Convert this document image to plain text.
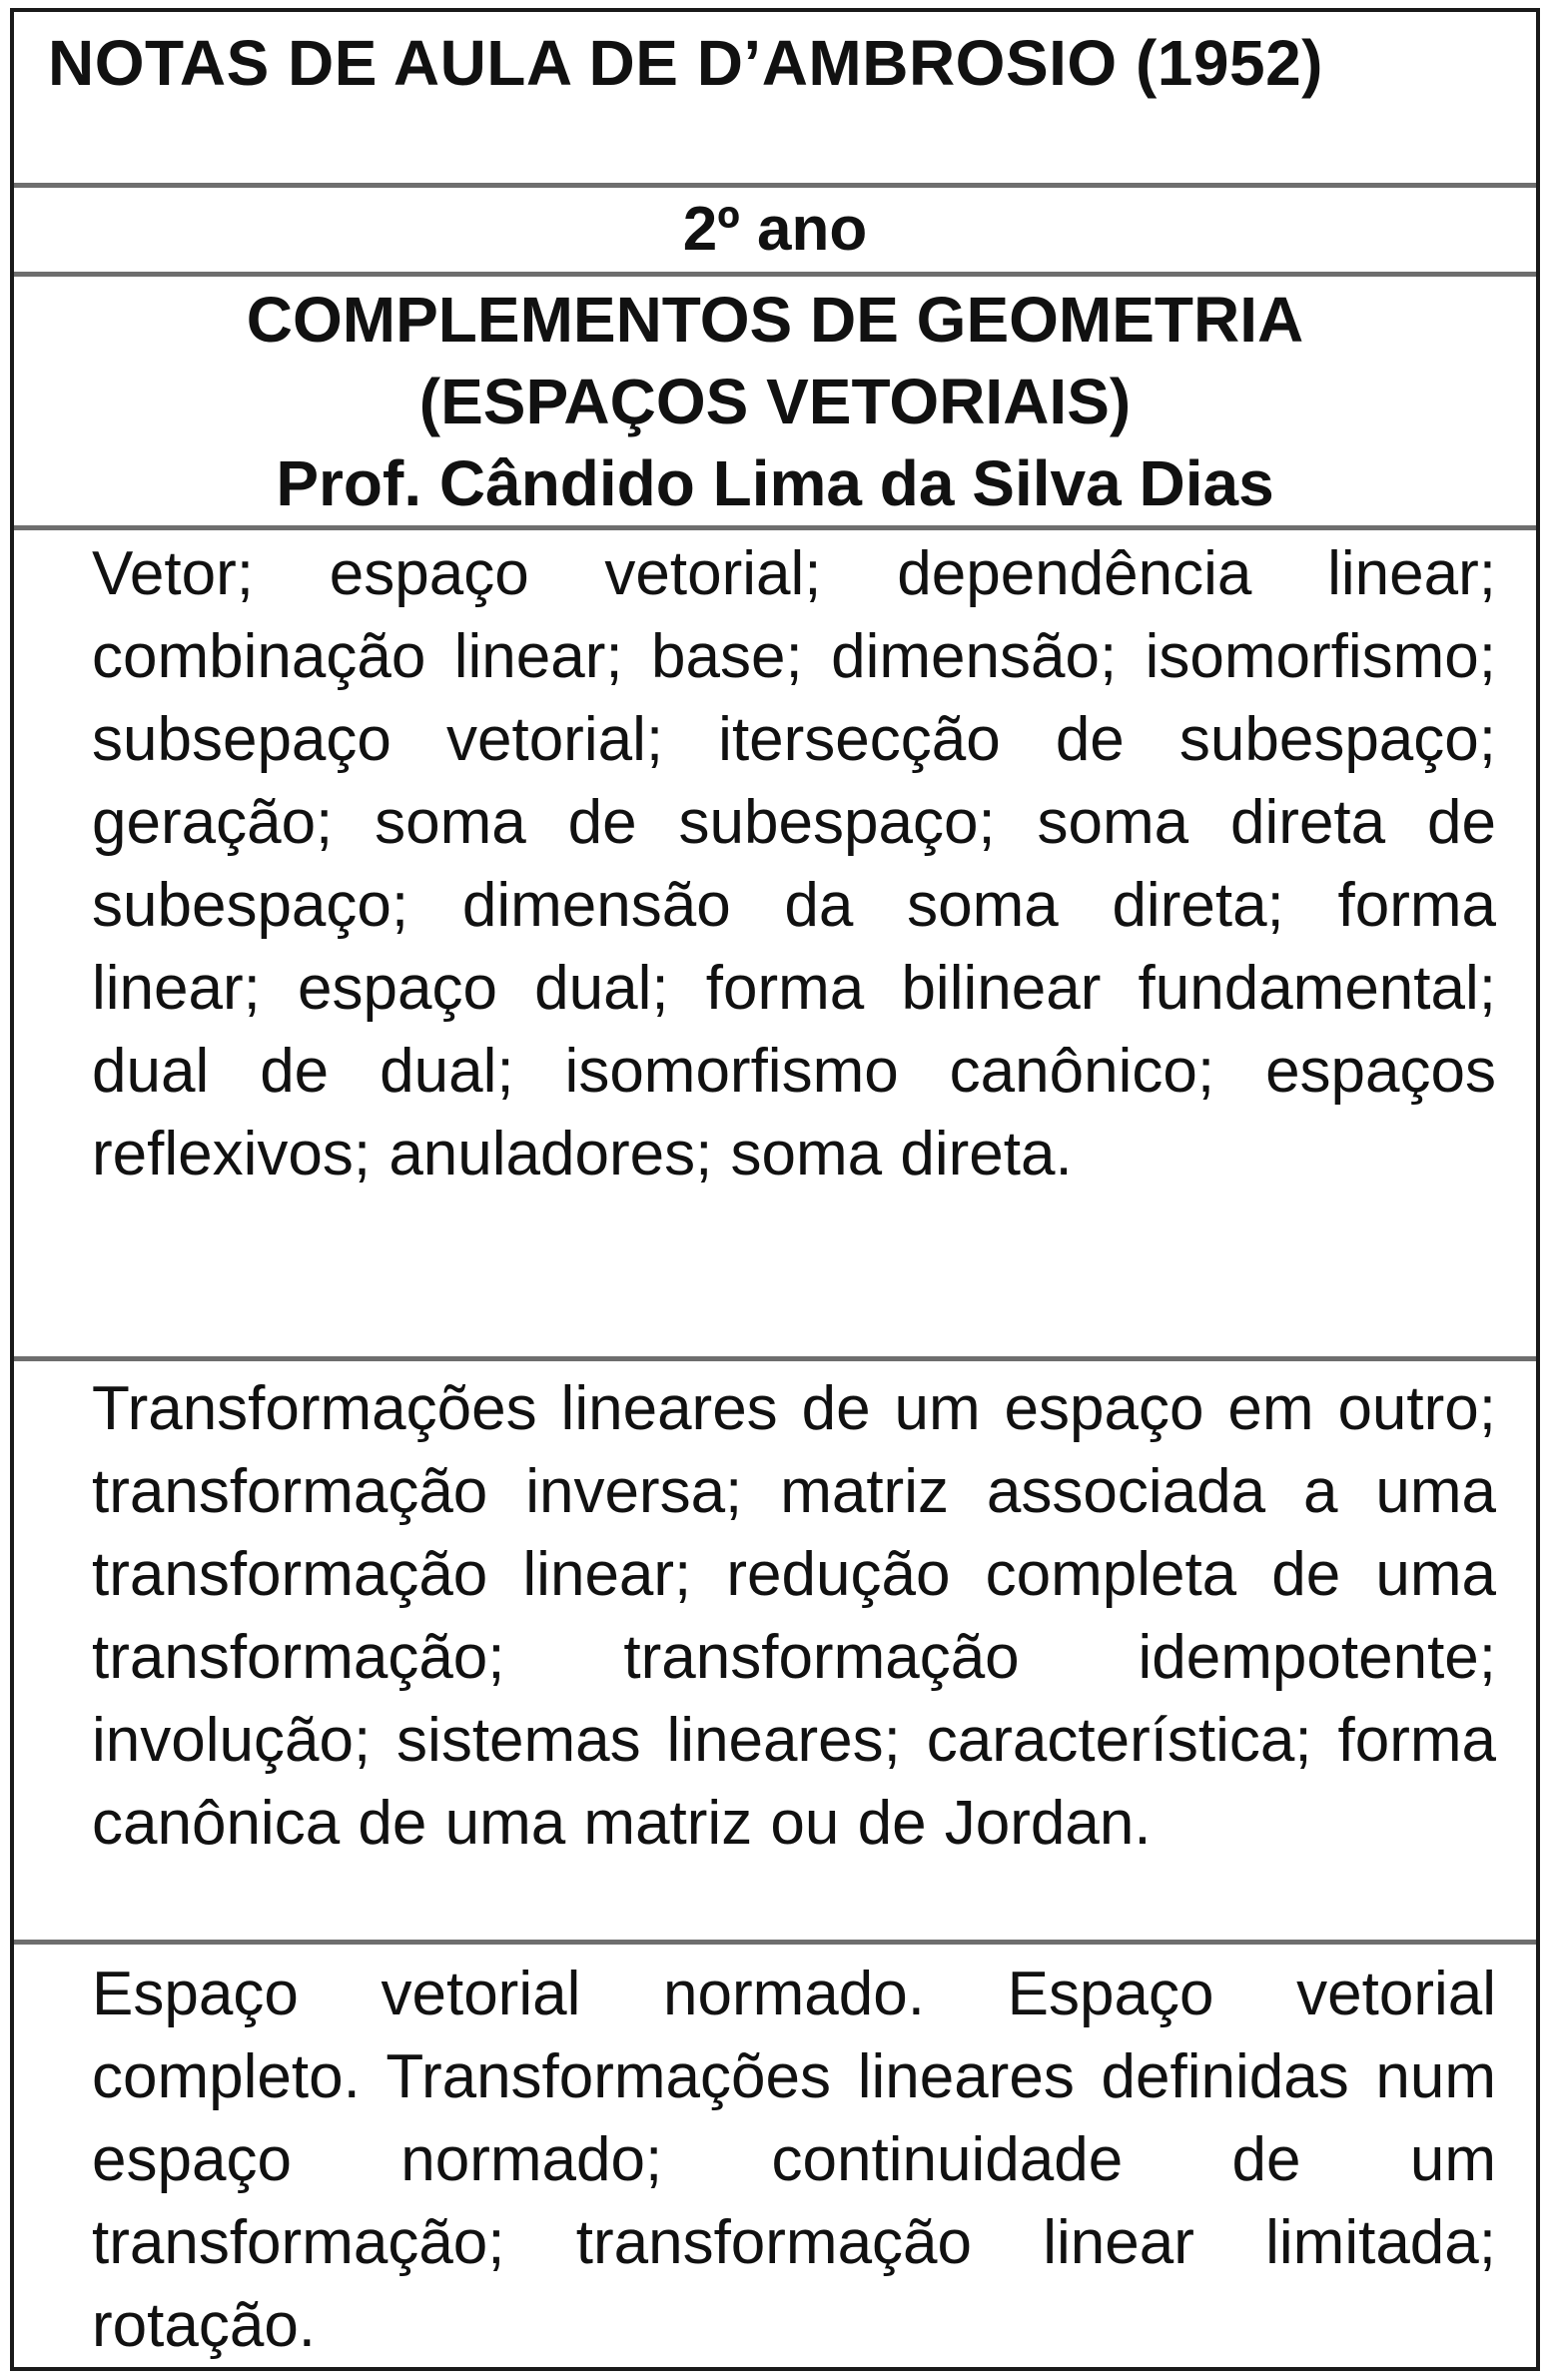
NOTAS DE AULA DE D’AMBROSIO (1952)
2º ano
COMPLEMENTOS DE GEOMETRIA
(ESPAÇOS VETORIAIS)
Prof. Cândido Lima da Silva Dias
Vetor; espaço vetorial; dependência linear; combinação linear; base; dimensão; isomorfismo; subsepaço vetorial; itersecção de subespaço; geração; soma de subespaço; soma direta de subespaço; dimensão da soma direta; forma linear; espaço dual; forma bilinear fundamental; dual de dual; isomorfismo canônico; espaços reflexivos; anuladores; soma direta.
Transformações lineares de um espaço em outro; transformação inversa; matriz associada a uma transformação linear; redução completa de uma transformação; transformação idempotente; involução; sistemas lineares; característica; forma canônica de uma matriz ou de Jordan.
Espaço vetorial normado. Espaço vetorial completo. Transformações lineares definidas num espaço normado; continuidade de um transformação; transformação linear limitada; rotação.
